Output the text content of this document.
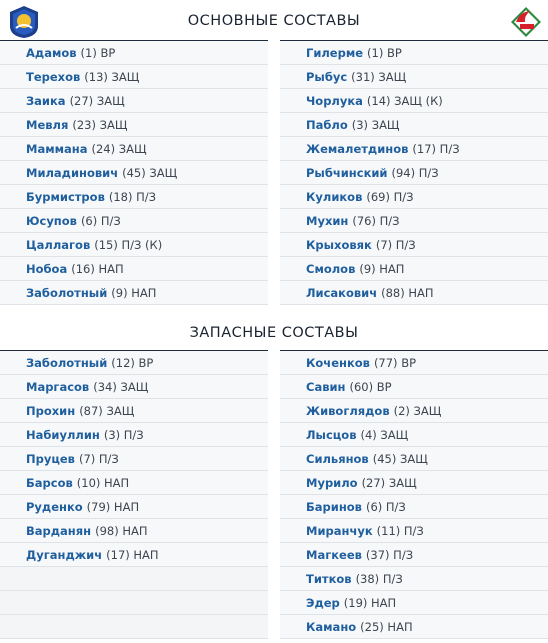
ОСНОВНЫЕ СОСТАВЫ
Адамов (1) ВР
Терехов (13) ЗАЩ
Заика (27) ЗАЩ
Мевля (23) ЗАЩ
Маммана (24) ЗАЩ
Миладинович (45) ЗАЩ
Бурмистров (18) П/З
Юсупов (6) П/З
Цаллагов (15) П/З (К)
Нобоа (16) НАП
Заболотный (9) НАП
Гилерме (1) ВР
Рыбус (31) ЗАЩ
Чорлука (14) ЗАЩ (К)
Пабло (3) ЗАЩ
Жемалетдинов (17) П/З
Рыбчинский (94) П/З
Куликов (69) П/З
Мухин (76) П/З
Крыховяк (7) П/З
Смолов (9) НАП
Лисакович (88) НАП
ЗАПАСНЫЕ СОСТАВЫ
Заболотный (12) ВР
Маргасов (34) ЗАЩ
Прохин (87) ЗАЩ
Набиуллин (3) П/З
Пруцев (7) П/З
Барсов (10) НАП
Руденко (79) НАП
Варданян (98) НАП
Дуганджич (17) НАП
Коченков (77) ВР
Савин (60) ВР
Живоглядов (2) ЗАЩ
Лысцов (4) ЗАЩ
Сильянов (45) ЗАЩ
Мурило (27) ЗАЩ
Баринов (6) П/З
Миранчук (11) П/З
Магкеев (37) П/З
Титков (38) П/З
Эдер (19) НАП
Камано (25) НАП
